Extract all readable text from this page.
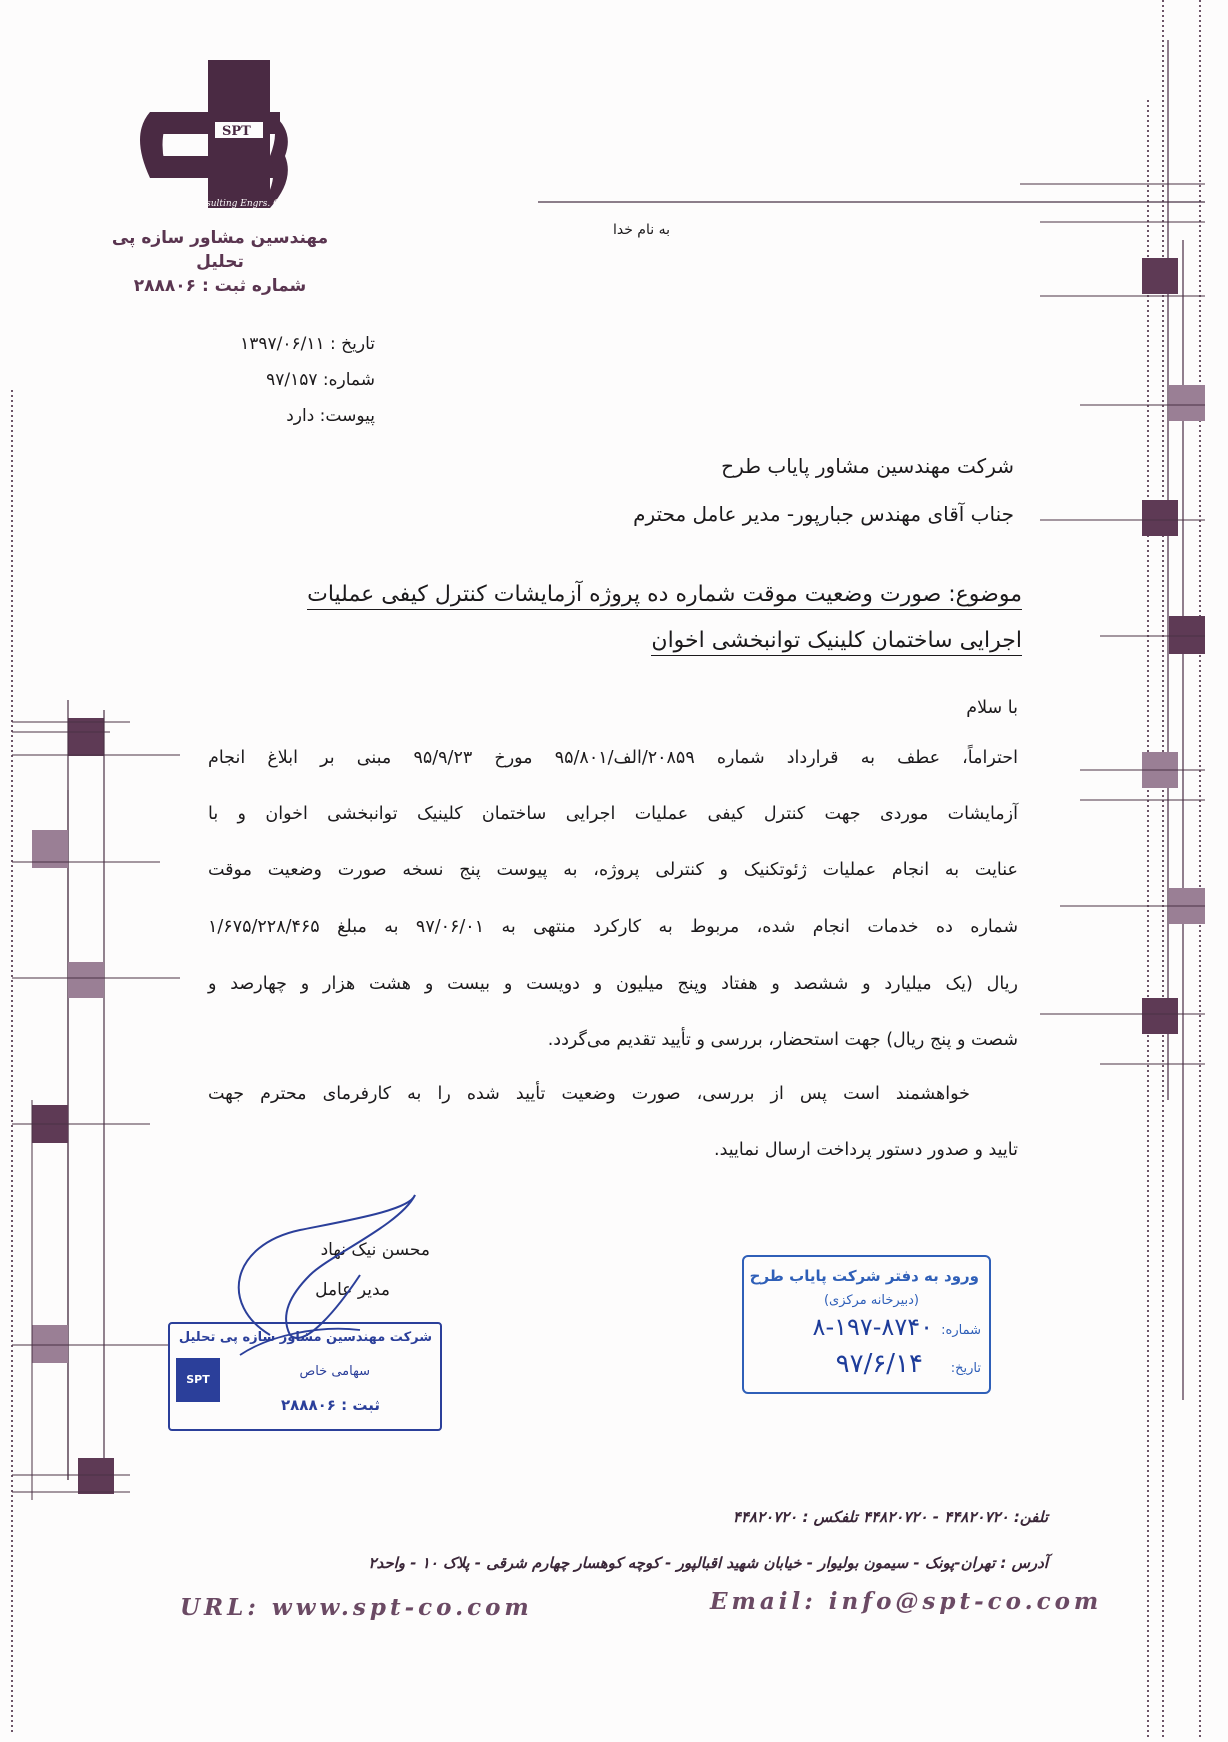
SPT
Consulting Engrs. Co.
مهندسین مشاور سازه پی تحلیل
شماره ثبت : ۲۸۸۸۰۶
به نام خدا
تاریخ : ۱۳۹۷/۰۶/۱۱
شماره: ۹۷/۱۵۷
پیوست: دارد
شرکت مهندسین مشاور پایاب طرح
جناب آقای مهندس جبارپور- مدیر عامل محترم
موضوع: صورت وضعیت موقت شماره ده پروژه آزمایشات کنترل کیفی عملیات
اجرایی ساختمان کلینیک توانبخشی اخوان
با سلام
احتراماً، عطف به قرارداد شماره ۲۰۸۵۹/الف/۹۵/۸۰۱ مورخ ۹۵/۹/۲۳ مبنی بر ابلاغ انجام
آزمایشات موردی جهت کنترل کیفی عملیات اجرایی ساختمان کلینیک توانبخشی اخوان و با
عنایت به انجام عملیات ژئوتکنیک و کنترلی پروژه، به پیوست پنج نسخه صورت وضعیت موقت
شماره ده خدمات انجام شده، مربوط به کارکرد منتهی به ۹۷/۰۶/۰۱ به مبلغ ۱/۶۷۵/۲۲۸/۴۶۵
ریال (یک میلیارد و ششصد و هفتاد وپنج میلیون و دویست و بیست و هشت هزار و چهارصد و
شصت و پنج ریال) جهت استحضار، بررسی و تأیید تقدیم می‌گردد.
خواهشمند است پس از بررسی، صورت وضعیت تأیید شده را به کارفرمای محترم جهت
تایید و صدور دستور پرداخت ارسال نمایید.
محسن نیک نهاد
مدیر عامل
شرکت مهندسین مشاور سازه پی تحلیل
سهامی خاص
ثبت : ۲۸۸۸۰۶
SPT
ورود به دفتر شرکت پایاب طرح
(دبیرخانه مرکزی)
شماره:
۸-۱۹۷-۸۷۴۰
تاریخ:
۹۷/۶/۱۴
تلفن: ۴۴۸۲۰۷۲۰ - ۴۴۸۲۰۷۲۰ تلفکس : ۴۴۸۲۰۷۲۰
آدرس : تهران-پونک - سیمون بولیوار - خیابان شهید اقبالپور - کوچه کوهسار چهارم شرقی - پلاک ۱۰ - واحد۲
URL: www.spt-co.com	Email: info@spt-co.com
